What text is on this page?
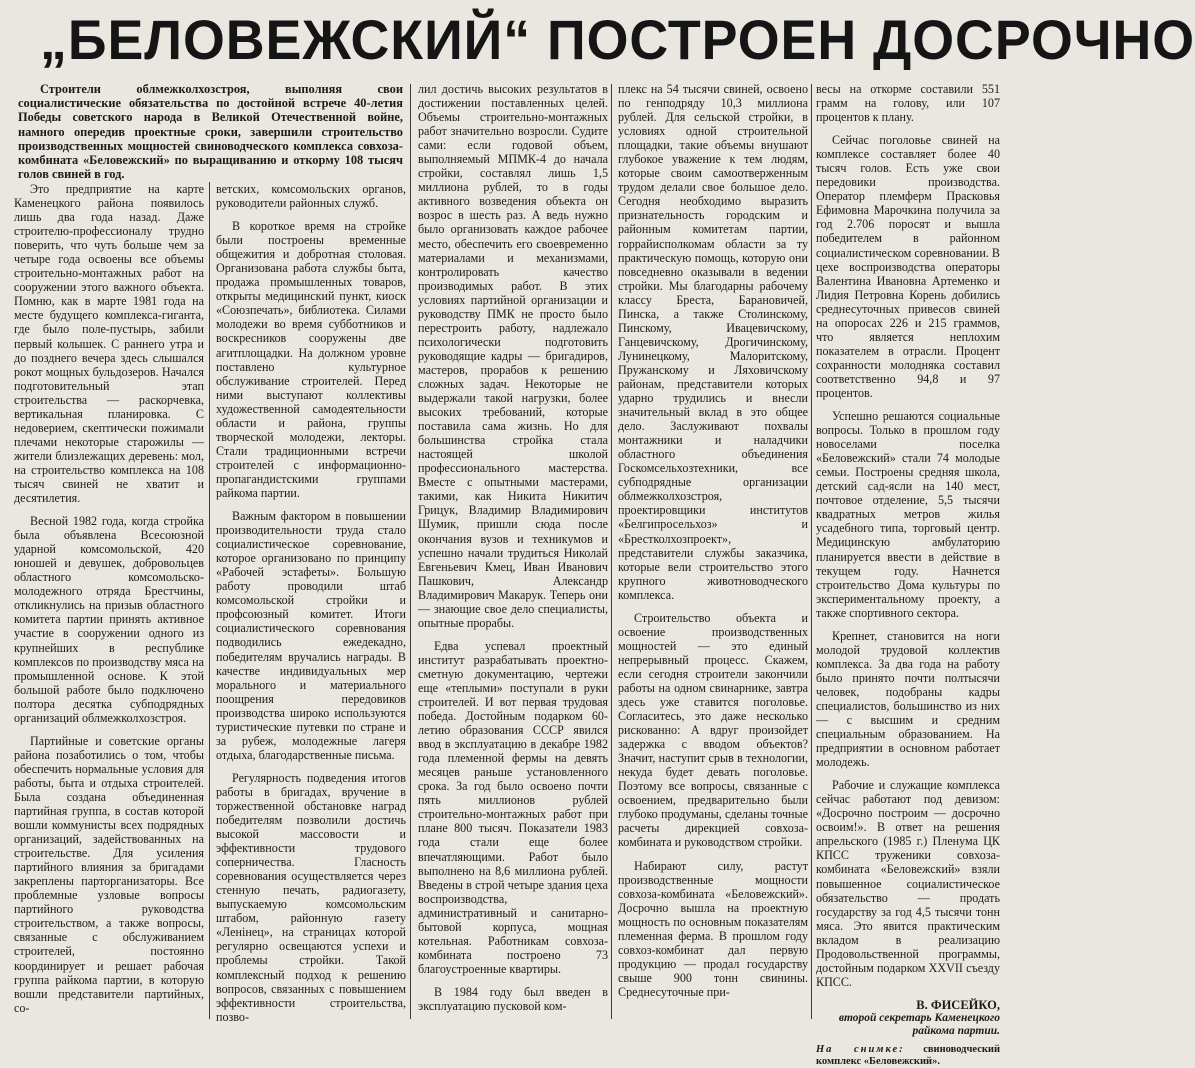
„БЕЛОВЕЖСКИЙ“ ПОСТРОЕН ДОСРОЧНО
Строители облмежколхозстроя, выполняя свои социалистические обязательства по достойной встрече 40-летия Победы советского народа в Великой Отечественной войне, намного опередив проектные сроки, завершили строительство производственных мощностей свиноводческого комплекса совхоза-комбината «Беловежский» по выращиванию и откорму 108 тысяч голов свиней в год.

Это предприятие на карте Каменецкого района появилось лишь два года назад. Даже строителю-профессионалу трудно поверить, что чуть больше чем за четыре года освоены все объемы строительно-монтажных работ на сооружении этого важного объекта. Помню, как в марте 1981 года на месте будущего комплекса-гиганта, где было поле-пустырь, забили первый колышек. С раннего утра и до позднего вечера здесь слышался рокот мощных бульдозеров. Начался подготовительный этап строительства — раскорчевка, вертикальная планировка. С недоверием, скептически пожимали плечами некоторые старожилы — жители близлежащих деревень: мол, на строительство комплекса на 108 тысяч свиней не хватит и десятилетия.

Весной 1982 года, когда стройка была объявлена Всесоюзной ударной комсомольской, 420 юношей и девушек, добровольцев областного комсомольско-молодежного отряда Брестчины, откликнулись на призыв областного комитета партии принять активное участие в сооружении одного из крупнейших в республике комплексов по производству мяса на промышленной основе. К этой большой работе было подключено полтора десятка субподрядных организаций облмежколхозстроя.

Партийные и советские органы района позаботились о том, чтобы обеспечить нормальные условия для работы, быта и отдыха строителей. Была создана объединенная партийная группа, в состав которой вошли коммунисты всех подрядных организаций, задействованных на строительстве. Для усиления партийного влияния за бригадами закреплены парторганизаторы. Все проблемные узловые вопросы партийного руководства строительством, а также вопросы, связанные с обслуживанием строителей, постоянно координирует и решает рабочая группа райкома партии, в которую вошли представители партийных, со-

ветских, комсомольских органов, руководители районных служб.

В короткое время на стройке были построены временные общежития и добротная столовая. Организована работа службы быта, продажа промышленных товаров, открыты медицинский пункт, киоск «Союзпечать», библиотека. Силами молодежи во время субботников и воскресников сооружены две агитплощадки. На должном уровне поставлено культурное обслуживание строителей. Перед ними выступают коллективы художественной самодеятельности области и района, группы творческой молодежи, лекторы. Стали традиционными встречи строителей с информационно-пропагандистскими группами райкома партии.

Важным фактором в повышении производительности труда стало социалистическое соревнование, которое организовано по принципу «Рабочей эстафеты». Большую работу проводили штаб комсомольской стройки и профсоюзный комитет. Итоги социалистического соревнования подводились ежедекадно, победителям вручались награды. В качестве индивидуальных мер морального и материального поощрения передовиков производства широко используются туристические путевки по стране и за рубеж, молодежные лагеря отдыха, благодарственные письма.

Регулярность подведения итогов работы в бригадах, вручение в торжественной обстановке наград победителям позволили достичь высокой массовости и эффективности трудового соперничества. Гласность соревнования осуществляется через стенную печать, радиогазету, выпускаемую комсомольским штабом, районную газету «Ленінец», на страницах которой регулярно освещаются успехи и проблемы стройки. Такой комплексный подход к решению вопросов, связанных с повышением эффективности строительства, позво-

лил достичь высоких результатов в достижении поставленных целей. Объемы строительно-монтажных работ значительно возросли. Судите сами: если годовой объем, выполняемый МПМК-4 до начала стройки, составлял лишь 1,5 миллиона рублей, то в годы активного возведения объекта он возрос в шесть раз. А ведь нужно было организовать каждое рабочее место, обеспечить его своевременно материалами и механизмами, контролировать качество производимых работ. В этих условиях партийной организации и руководству ПМК не просто было перестроить работу, надлежало психологически подготовить руководящие кадры — бригадиров, мастеров, прорабов к решению сложных задач. Некоторые не выдержали такой нагрузки, более высоких требований, которые поставила сама жизнь. Но для большинства стройка стала настоящей школой профессионального мастерства. Вместе с опытными мастерами, такими, как Никита Никитич Грицук, Владимир Владимирович Шумик, пришли сюда после окончания вузов и техникумов и успешно начали трудиться Николай Евгеньевич Кмец, Иван Иванович Пашкович, Александр Владимирович Макарук. Теперь они — знающие свое дело специалисты, опытные прорабы.

Едва успевал проектный институт разрабатывать проектно-сметную документацию, чертежи еще «теплыми» поступали в руки строителей. И вот первая трудовая победа. Достойным подарком 60-летию образования СССР явился ввод в эксплуатацию в декабре 1982 года племенной фермы на девять месяцев раньше установленного срока. За год было освоено почти пять миллионов рублей строительно-монтажных работ при плане 800 тысяч. Показатели 1983 года стали еще более впечатляющими. Работ было выполнено на 8,6 миллиона рублей. Введены в строй четыре здания цеха воспроизводства, административный и санитарно-бытовой корпуса, мощная котельная. Работникам совхоза-комбината построено 73 благоустроенные квартиры.

В 1984 году был введен в эксплуатацию пусковой ком-

плекс на 54 тысячи свиней, освоено по генподряду 10,3 миллиона рублей. Для сельской стройки, в условиях одной строительной площадки, такие объемы внушают глубокое уважение к тем людям, которые своим самоотверженным трудом делали свое большое дело. Сегодня необходимо выразить признательность городским и районным комитетам партии, горрайисполкомам области за ту практическую помощь, которую они повседневно оказывали в ведении стройки. Мы благодарны рабочему классу Бреста, Барановичей, Пинска, а также Столинскому, Пинскому, Ивацевичскому, Ганцевичскому, Дрогичинскому, Лунинецкому, Малоритскому, Пружанскому и Ляховичскому районам, представители которых ударно трудились и внесли значительный вклад в это общее дело. Заслуживают похвалы монтажники и наладчики областного объединения Госкомсельхозтехники, все субподрядные организации облмежколхозстроя, проектировщики институтов «Белгипросельхоз» и «Брестколхозпроект», представители службы заказчика, которые вели строительство этого крупного животноводческого комплекса.

Строительство объекта и освоение производственных мощностей — это единый непрерывный процесс. Скажем, если сегодня строители закончили работы на одном свинарнике, завтра здесь уже ставится поголовье. Согласитесь, это даже несколько рискованно: А вдруг произойдет задержка с вводом объектов? Значит, наступит срыв в технологии, некуда будет девать поголовье. Поэтому все вопросы, связанные с освоением, предварительно были глубоко продуманы, сделаны точные расчеты дирекцией совхоза-комбината и руководством стройки.

Набирают силу, растут производственные мощности совхоза-комбината «Беловежский». Досрочно вышла на проектную мощность по основным показателям племенная ферма. В прошлом году совхоз-комбинат дал первую продукцию — продал государству свыше 900 тонн свинины. Среднесуточные при-

весы на откорме составили 551 грамм на голову, или 107 процентов к плану.

Сейчас поголовье свиней на комплексе составляет более 40 тысяч голов. Есть уже свои передовики производства. Оператор племферм Прасковья Ефимовна Марочкина получила за год 2.706 поросят и вышла победителем в районном социалистическом соревновании. В цехе воспроизводства операторы Валентина Ивановна Артеменко и Лидия Петровна Корень добились среднесуточных привесов свиней на опоросах 226 и 215 граммов, что является неплохим показателем в отрасли. Процент сохранности молодняка составил соответственно 94,8 и 97 процентов.

Успешно решаются социальные вопросы. Только в прошлом году новоселами поселка «Беловежский» стали 74 молодые семьи. Построены средняя школа, детский сад-ясли на 140 мест, почтовое отделение, 5,5 тысячи квадратных метров жилья усадебного типа, торговый центр. Медицинскую амбулаторию планируется ввести в действие в текущем году. Начнется строительство Дома культуры по экспериментальному проекту, а также спортивного сектора.

Крепнет, становится на ноги молодой трудовой коллектив комплекса. За два года на работу было принято почти полтысячи человек, подобраны кадры специалистов, большинство из них — с высшим и средним специальным образованием. На предприятии в основном работает молодежь.

Рабочие и служащие комплекса сейчас работают под девизом: «Досрочно построим — досрочно освоим!». В ответ на решения апрельского (1985 г.) Пленума ЦК КПСС труженики совхоза-комбината «Беловежский» взяли повышенное социалистическое обязательство — продать государству за год 4,5 тысячи тонн мяса. Это явится практическим вкладом в реализацию Продовольственной программы, достойным подарком XXVII съезду КПСС.

В. ФИСЕЙКО,
второй секретарь Каменецкого райкома партии.
На снимке: свиноводческий комплекс «Беловежский».
